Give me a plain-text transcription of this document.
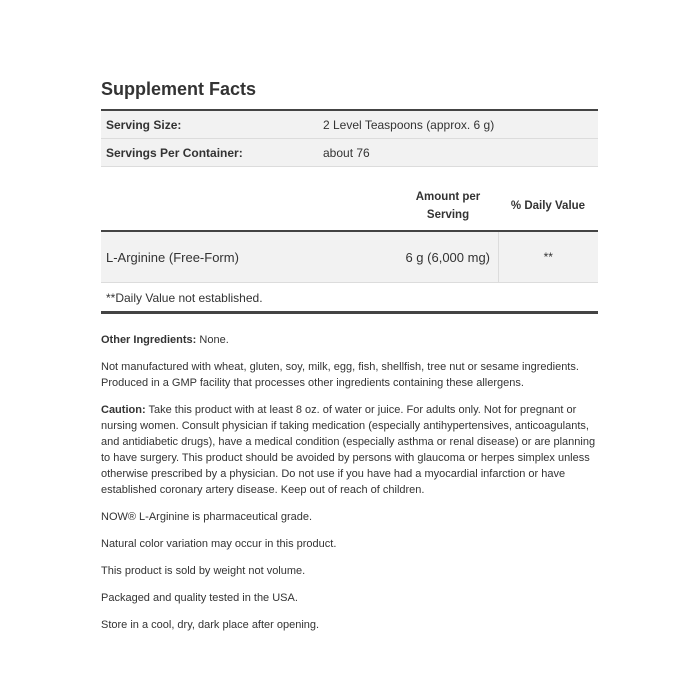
Supplement Facts
Serving Size:	2 Level Teaspoons (approx. 6 g)
Servings Per Container:	about 76
	Amount per Serving	% Daily Value
L-Arginine (Free-Form)	6 g (6,000 mg)	**
**Daily Value not established.

Other Ingredients: None.

Not manufactured with wheat, gluten, soy, milk, egg, fish, shellfish, tree nut or sesame ingredients. Produced in a GMP facility that processes other ingredients containing these allergens.

Caution: Take this product with at least 8 oz. of water or juice. For adults only. Not for pregnant or nursing women. Consult physician if taking medication (especially antihypertensives, anticoagulants, and antidiabetic drugs), have a medical condition (especially asthma or renal disease) or are planning to have surgery. This product should be avoided by persons with glaucoma or herpes simplex unless otherwise prescribed by a physician. Do not use if you have had a myocardial infarction or have established coronary artery disease. Keep out of reach of children.

NOW® L-Arginine is pharmaceutical grade.

Natural color variation may occur in this product.

This product is sold by weight not volume.

Packaged and quality tested in the USA.

Store in a cool, dry, dark place after opening.
